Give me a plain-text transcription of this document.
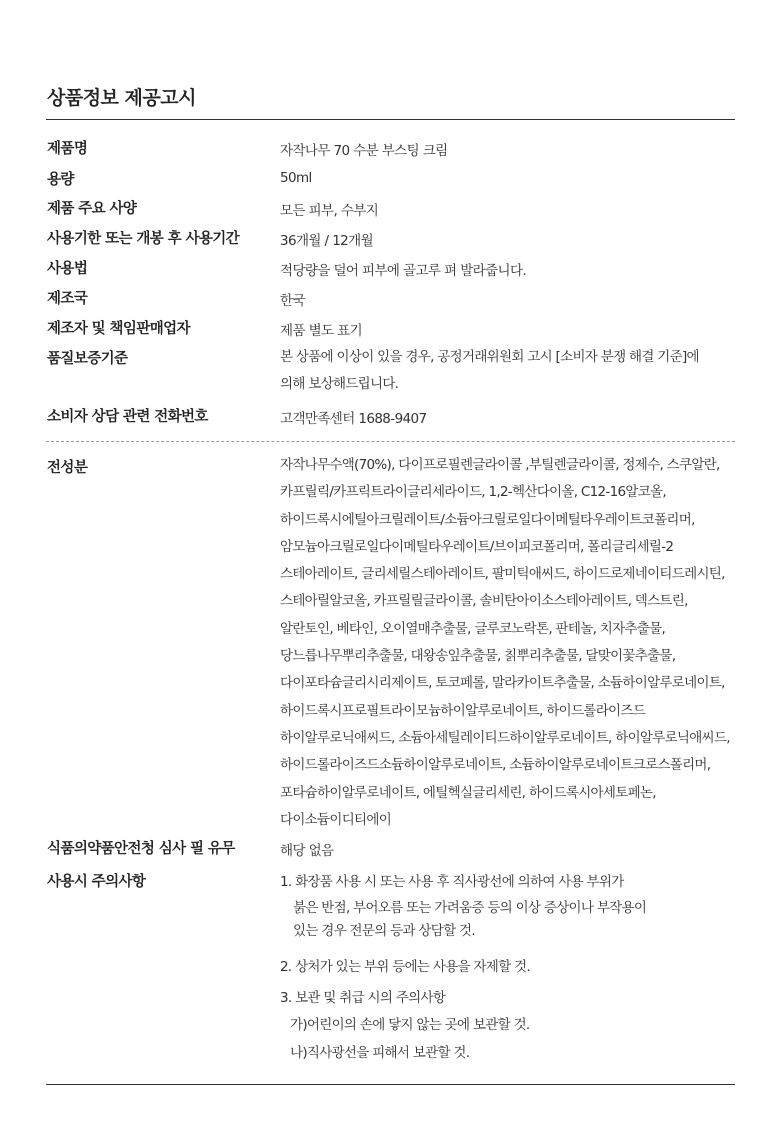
상품정보 제공고시
제품명	자작나무 70 수분 부스팅 크림
용량	50ml
제품 주요 사양	모든 피부, 수부지
사용기한 또는 개봉 후 사용기간	36개월 / 12개월
사용법	적당량을 덜어 피부에 골고루 펴 발라줍니다.
제조국	한국
제조자 및 책임판매업자	제품 별도 표기
품질보증기준	본 상품에 이상이 있을 경우, 공정거래위원회 고시 [소비자 분쟁 해결 기준]에
의해 보상해드립니다.
소비자 상담 관련 전화번호	고객만족센터 1688-9407
전성분	자작나무수액(70%), 다이프로필렌글라이콜 ,부틸렌글라이콜, 정제수, 스쿠알란,
카프릴릭/카프릭트라이글리세라이드, 1,2-헥산다이올, C12-16알코올,
하이드록시에틸아크릴레이트/소듐아크릴로일다이메틸타우레이트코폴리머,
암모늄아크릴로일다이메틸타우레이트/브이피코폴리머, 폴리글리세릴-2
스테아레이트, 글리세릴스테아레이트, 팔미틱애씨드, 하이드로제네이티드레시틴,
스테아릴알코올, 카프릴릴글라이콜, 솔비탄아이소스테아레이트, 덱스트린,
알란토인, 베타인, 오이열매추출물, 글루코노락톤, 판테놀, 치자추출물,
당느릅나무뿌리추출물, 대왕송잎추출물, 칡뿌리추출물, 달맞이꽃추출물,
다이포타슘글리시리제이트, 토코페롤, 말라카이트추출물, 소듐하이알루로네이트,
하이드록시프로필트라이모늄하이알루로네이트, 하이드롤라이즈드
하이알루로닉애씨드, 소듐아세틸레이티드하이알루로네이트, 하이알루로닉애씨드,
하이드롤라이즈드소듐하이알루로네이트, 소듐하이알루로네이트크로스폴리머,
포타슘하이알루로네이트, 에틸헥실글리세린, 하이드록시아세토페논,
다이소듐이디티에이
식품의약품안전청 심사 필 유무	해당 없음
사용시 주의사항	1. 화장품 사용 시 또는 사용 후 직사광선에 의하여 사용 부위가
붉은 반점, 부어오름 또는 가려움증 등의 이상 증상이나 부작용이
있는 경우 전문의 등과 상담할 것.
2. 상처가 있는 부위 등에는 사용을 자제할 것.
3. 보관 및 취급 시의 주의사항
가)어린이의 손에 닿지 않는 곳에 보관할 것.
나)직사광선을 피해서 보관할 것.
